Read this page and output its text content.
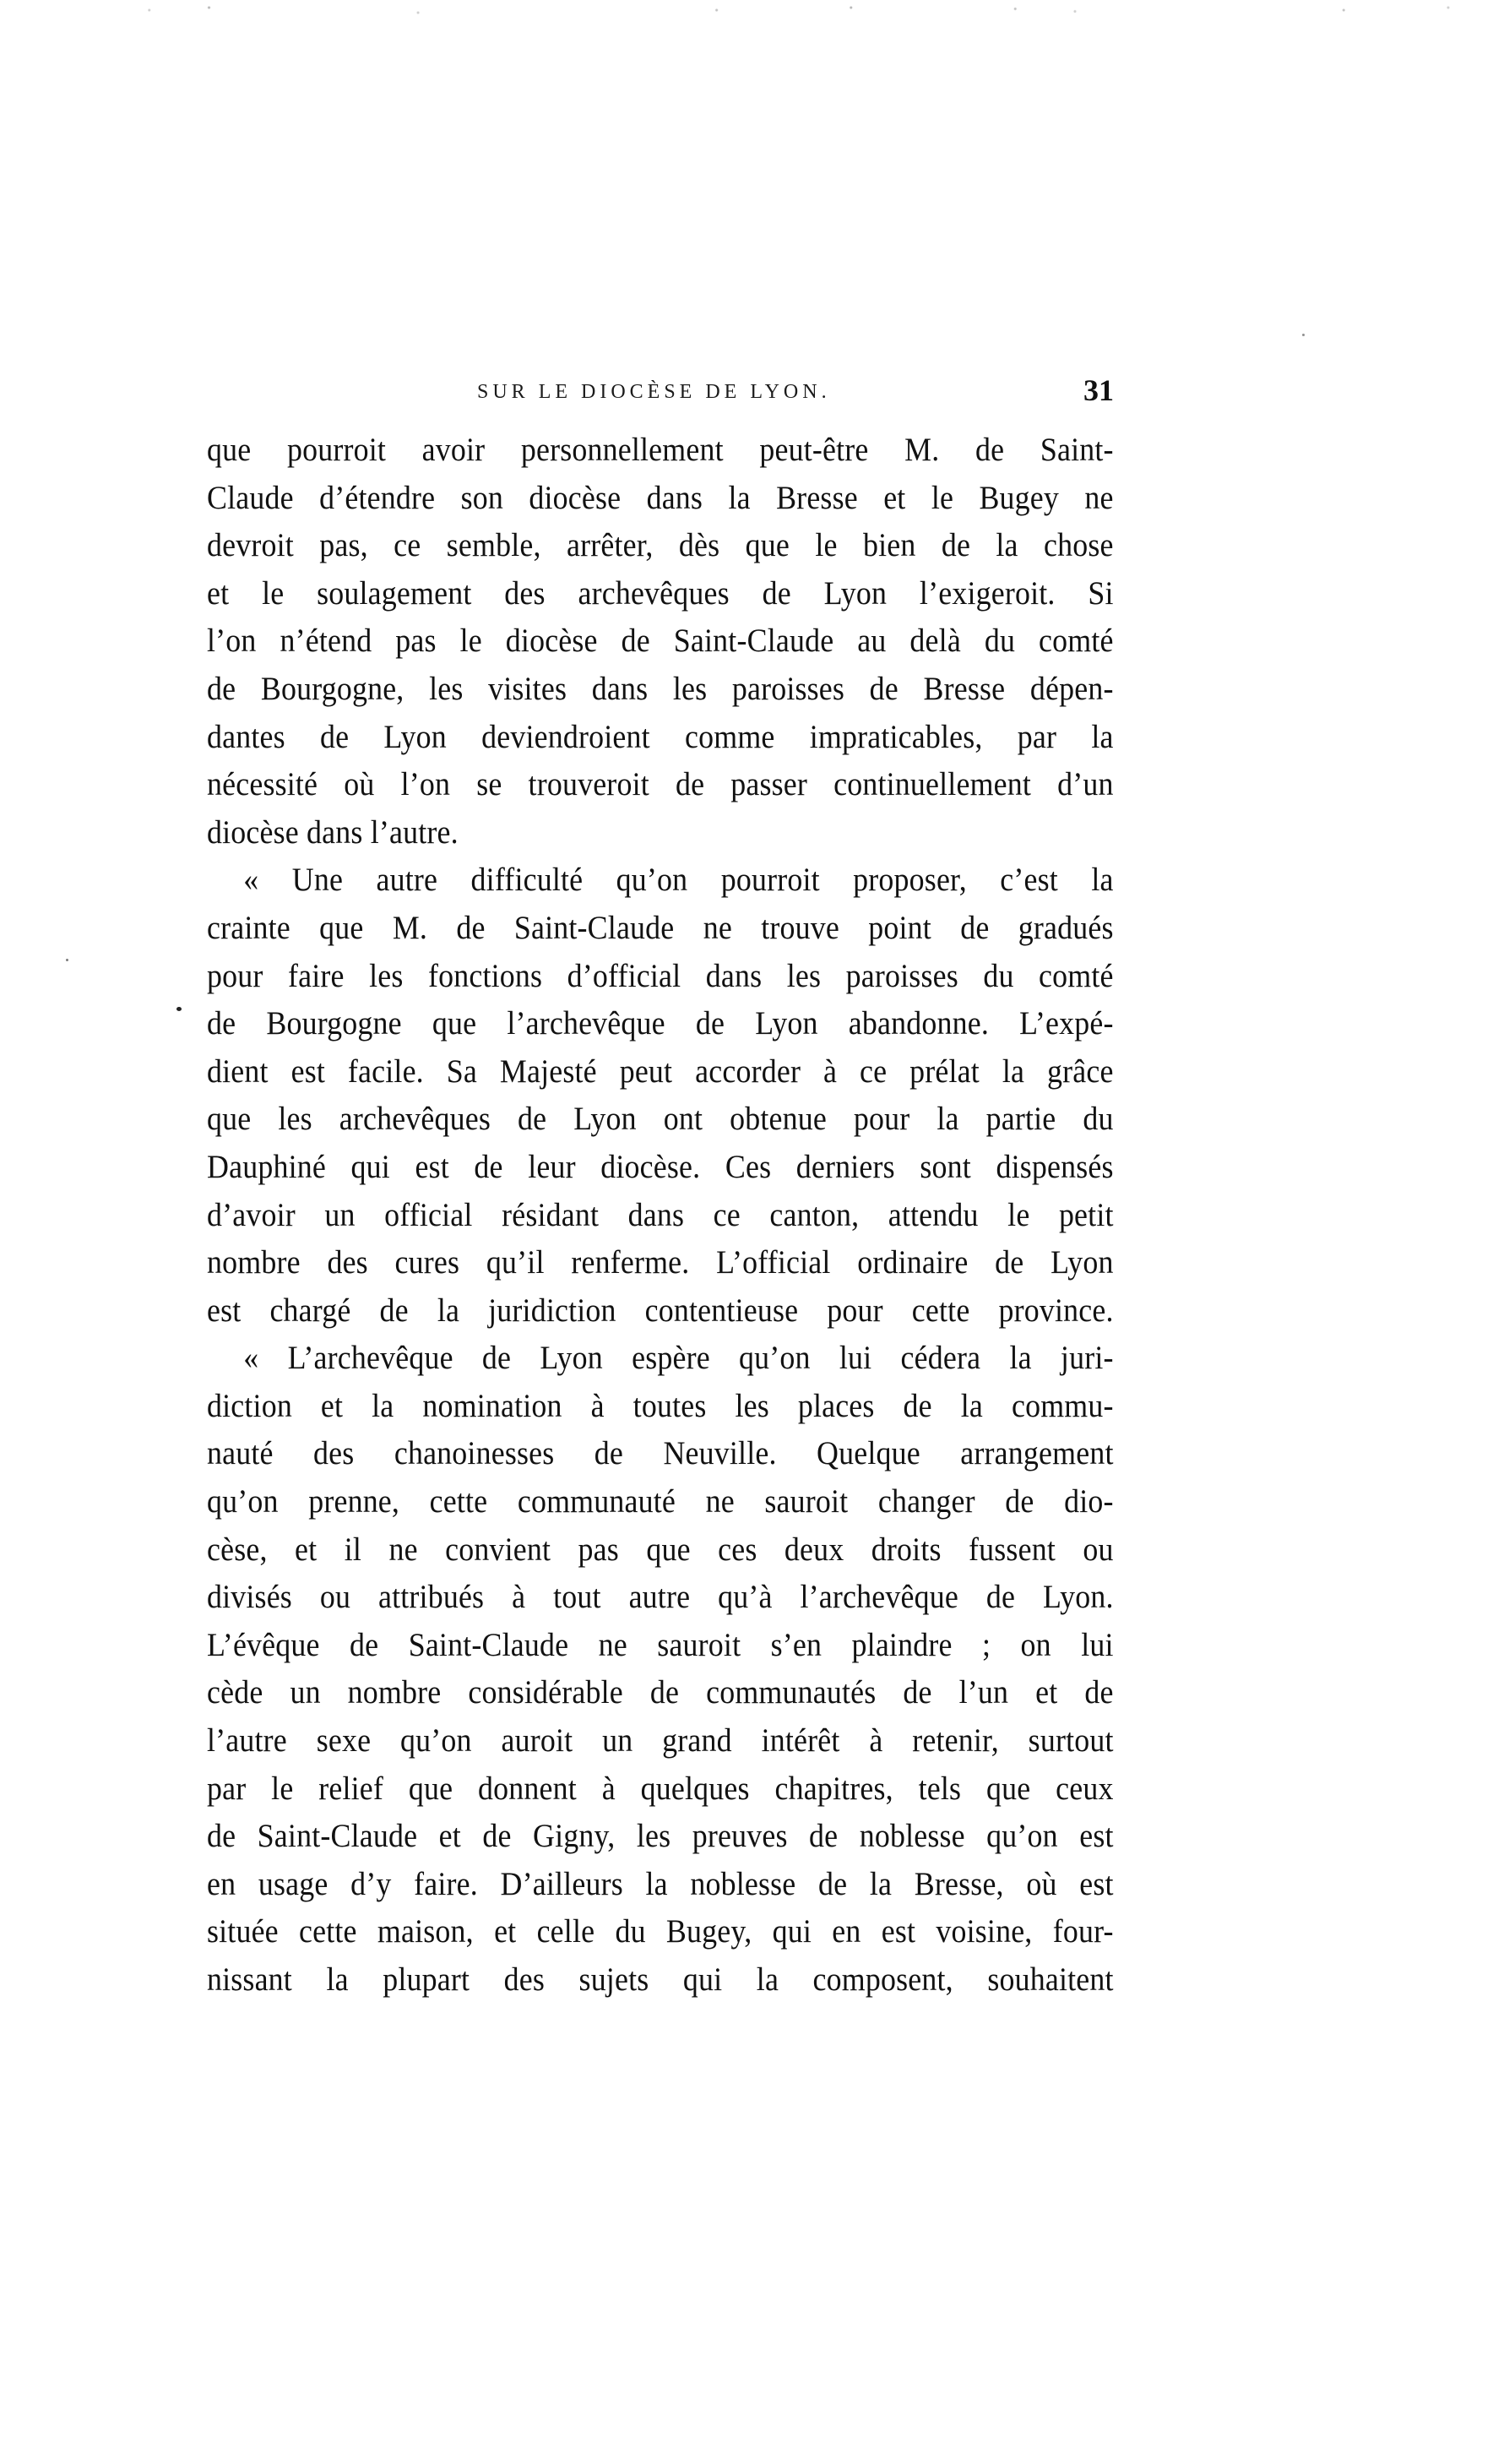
SUR LE DIOCÈSE DE LYON.	31
que pourroit avoir personnellement peut-être M. de Saint-
Claude d’étendre son diocèse dans la Bresse et le Bugey ne
devroit pas, ce semble, arrêter, dès que le bien de la chose
et le soulagement des archevêques de Lyon l’exigeroit. Si
l’on n’étend pas le diocèse de Saint-Claude au delà du comté
de Bourgogne, les visites dans les paroisses de Bresse dépen-
dantes de Lyon deviendroient comme impraticables, par la
nécessité où l’on se trouveroit de passer continuellement d’un
diocèse dans l’autre.
« Une autre difficulté qu’on pourroit proposer, c’est la
crainte que M. de Saint-Claude ne trouve point de gradués
pour faire les fonctions d’official dans les paroisses du comté
de Bourgogne que l’archevêque de Lyon abandonne. L’expé-
dient est facile. Sa Majesté peut accorder à ce prélat la grâce
que les archevêques de Lyon ont obtenue pour la partie du
Dauphiné qui est de leur diocèse. Ces derniers sont dispensés
d’avoir un official résidant dans ce canton, attendu le petit
nombre des cures qu’il renferme. L’official ordinaire de Lyon
est chargé de la juridiction contentieuse pour cette province.
« L’archevêque de Lyon espère qu’on lui cédera la juri-
diction et la nomination à toutes les places de la commu-
nauté des chanoinesses de Neuville. Quelque arrangement
qu’on prenne, cette communauté ne sauroit changer de dio-
cèse, et il ne convient pas que ces deux droits fussent ou
divisés ou attribués à tout autre qu’à l’archevêque de Lyon.
L’évêque de Saint-Claude ne sauroit s’en plaindre ; on lui
cède un nombre considérable de communautés de l’un et de
l’autre sexe qu’on auroit un grand intérêt à retenir, surtout
par le relief que donnent à quelques chapitres, tels que ceux
de Saint-Claude et de Gigny, les preuves de noblesse qu’on est
en usage d’y faire. D’ailleurs la noblesse de la Bresse, où est
située cette maison, et celle du Bugey, qui en est voisine, four-
nissant la plupart des sujets qui la composent, souhaitent
